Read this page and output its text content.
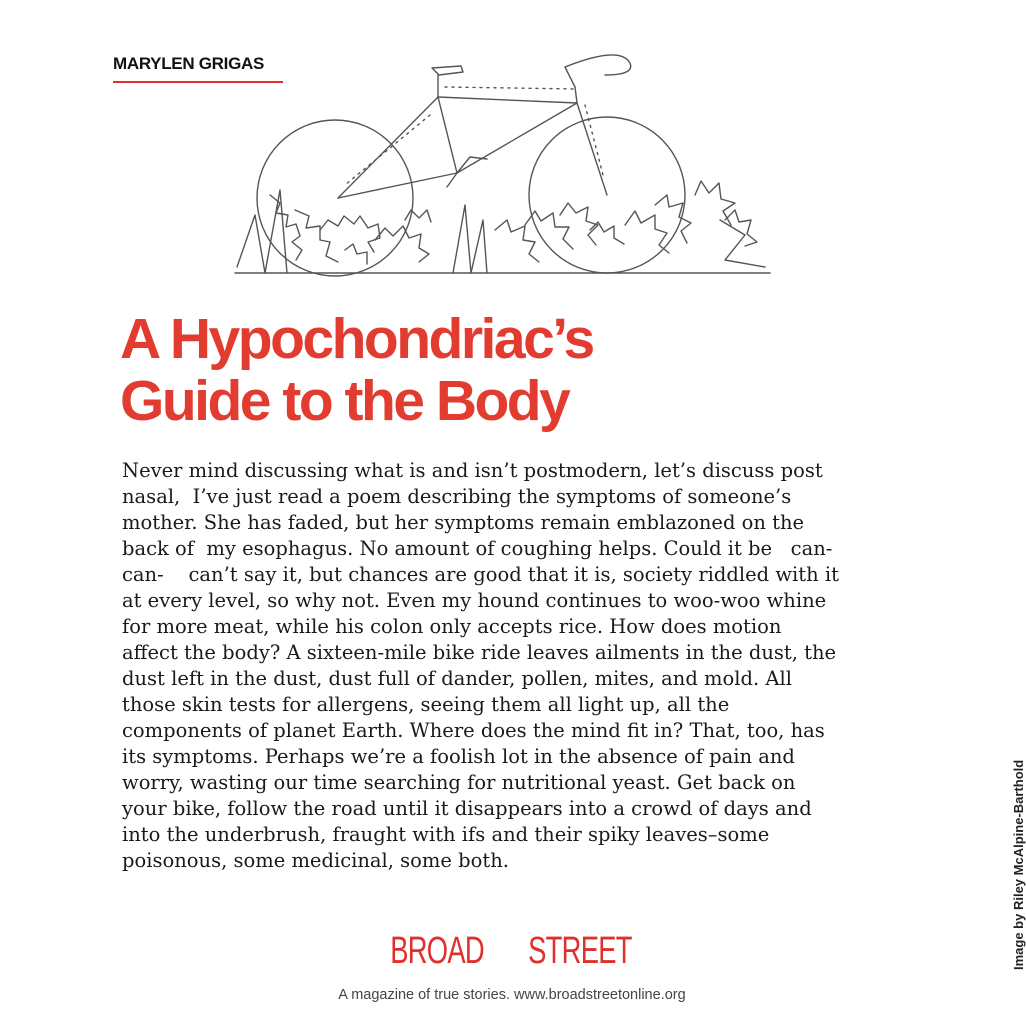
MARYLEN GRIGAS
A Hypochondriac’s
Guide to the Body
Never mind discussing what is and isn’t postmodern, let’s discuss post
nasal,  I’ve just read a poem describing the symptoms of someone’s
mother. She has faded, but her symptoms remain emblazoned on the
back of  my esophagus. No amount of coughing helps. Could it be   can-
can-    can’t say it, but chances are good that it is, society riddled with it
at every level, so why not. Even my hound continues to woo-woo whine
for more meat, while his colon only accepts rice. How does motion
affect the body? A sixteen-mile bike ride leaves ailments in the dust, the
dust left in the dust, dust full of dander, pollen, mites, and mold. All
those skin tests for allergens, seeing them all light up, all the
components of planet Earth. Where does the mind fit in? That, too, has
its symptoms. Perhaps we’re a foolish lot in the absence of pain and
worry, wasting our time searching for nutritional yeast. Get back on
your bike, follow the road until it disappears into a crowd of days and
into the underbrush, fraught with ifs and their spiky leaves–some
poisonous, some medicinal, some both.	Image by Riley McAlpine-Barthold
BROAD STREET
A magazine of true stories. www.broadstreetonline.org
